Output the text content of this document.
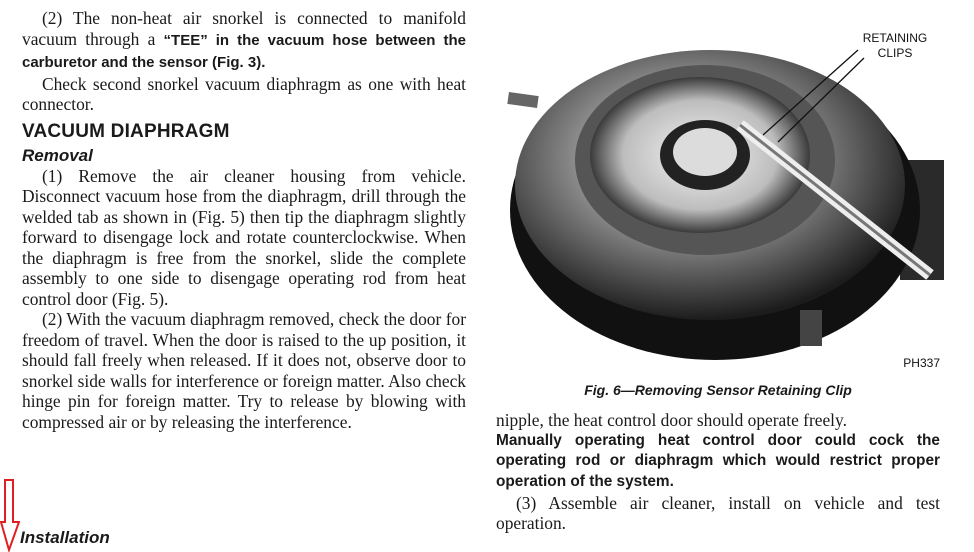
(2) The non-heat air snorkel is connected to manifold vacuum through a “TEE” in the vacuum hose between the carburetor and the sensor (Fig. 3).

Check second snorkel vacuum diaphragm as one with heat connector.

VACUUM DIAPHRAGM
Removal

(1) Remove the air cleaner housing from vehicle. Disconnect vacuum hose from the diaphragm, drill through the welded tab as shown in (Fig. 5) then tip the diaphragm slightly forward to disengage lock and rotate counterclockwise. When the diaphragm is free from the snorkel, slide the complete assembly to one side to disengage operating rod from heat control door (Fig. 5).

(2) With the vacuum diaphragm removed, check the door for freedom of travel. When the door is raised to the up position, it should fall freely when released. If it does not, observe door to snorkel side walls for interference or foreign matter. Also check hinge pin for foreign matter. Try to release by blowing with compressed air or by releasing the interference.

Installation
RETAINING
CLIPS
PH337
Fig. 6—Removing Sensor Retaining Clip

nipple, the heat control door should operate freely.

Manually operating heat control door could cock the operating rod or diaphragm which would restrict proper operation of the system.

(3) Assemble air cleaner, install on vehicle and test operation.
